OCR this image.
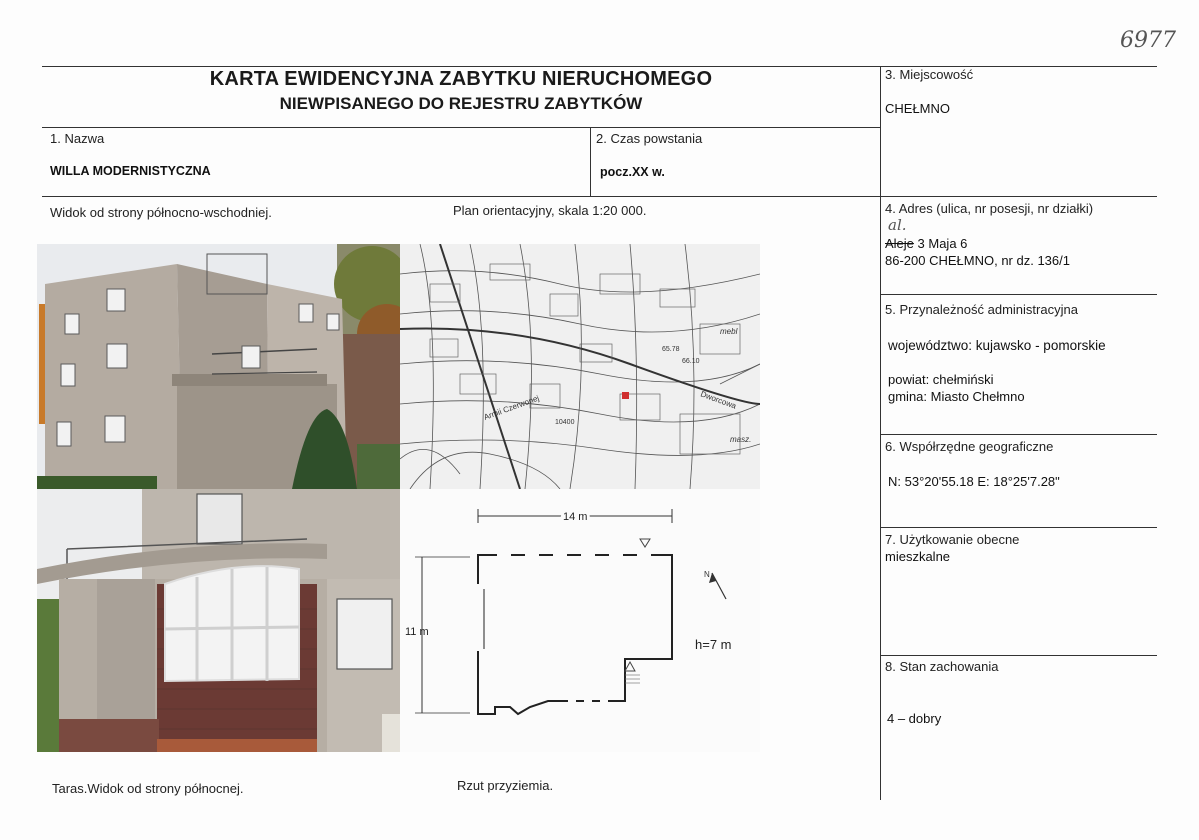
6977
KARTA EWIDENCYJNA ZABYTKU NIERUCHOMEGO
NIEWPISANEGO DO REJESTRU ZABYTKÓW
1. Nazwa
WILLA MODERNISTYCZNA
2. Czas powstania
pocz.XX w.
3. Miejscowość
CHEŁMNO
4. Adres (ulica, nr posesji, nr działki)
al.
Aleje 3 Maja 6
86-200 CHEŁMNO, nr dz. 136/1
5. Przynależność administracyjna
województwo: kujawsko - pomorskie
powiat: chełmiński
gmina: Miasto Chełmno
6. Współrzędne geograficzne
N: 53°20'55.18 E: 18°25'7.28"
7. Użytkowanie obecne
mieszkalne
8. Stan zachowania
4 – dobry
Widok od strony północno-wschodniej.	Plan orientacyjny, skala 1:20 000.
Taras.Widok od strony północnej.	Rzut przyziemia.
Armii Czerwonej	Dworcowa
10400
65.78
66.10
mebl
masz.
14 m
11 m
h=7 m
N
